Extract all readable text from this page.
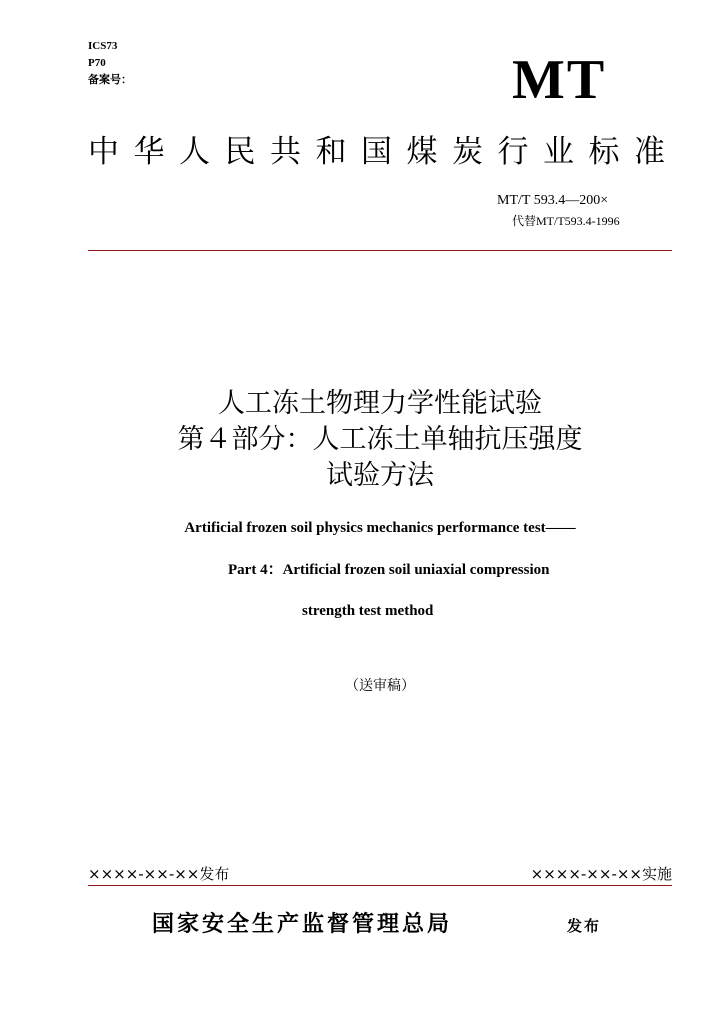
ICS73
P70
备案号：	MT
中华人民共和国煤炭行业标准
MT/T 593.4—200×
代替MT/T593.4-1996
人工冻土物理力学性能试验
第４部分：人工冻土单轴抗压强度
试验方法
Artificial frozen soil physics mechanics performance test——
Part 4：Artificial frozen soil uniaxial compression
strength test method
（送审稿）
××××-××-××发布	××××-××-××实施
国家安全生产监督管理总局	发布
